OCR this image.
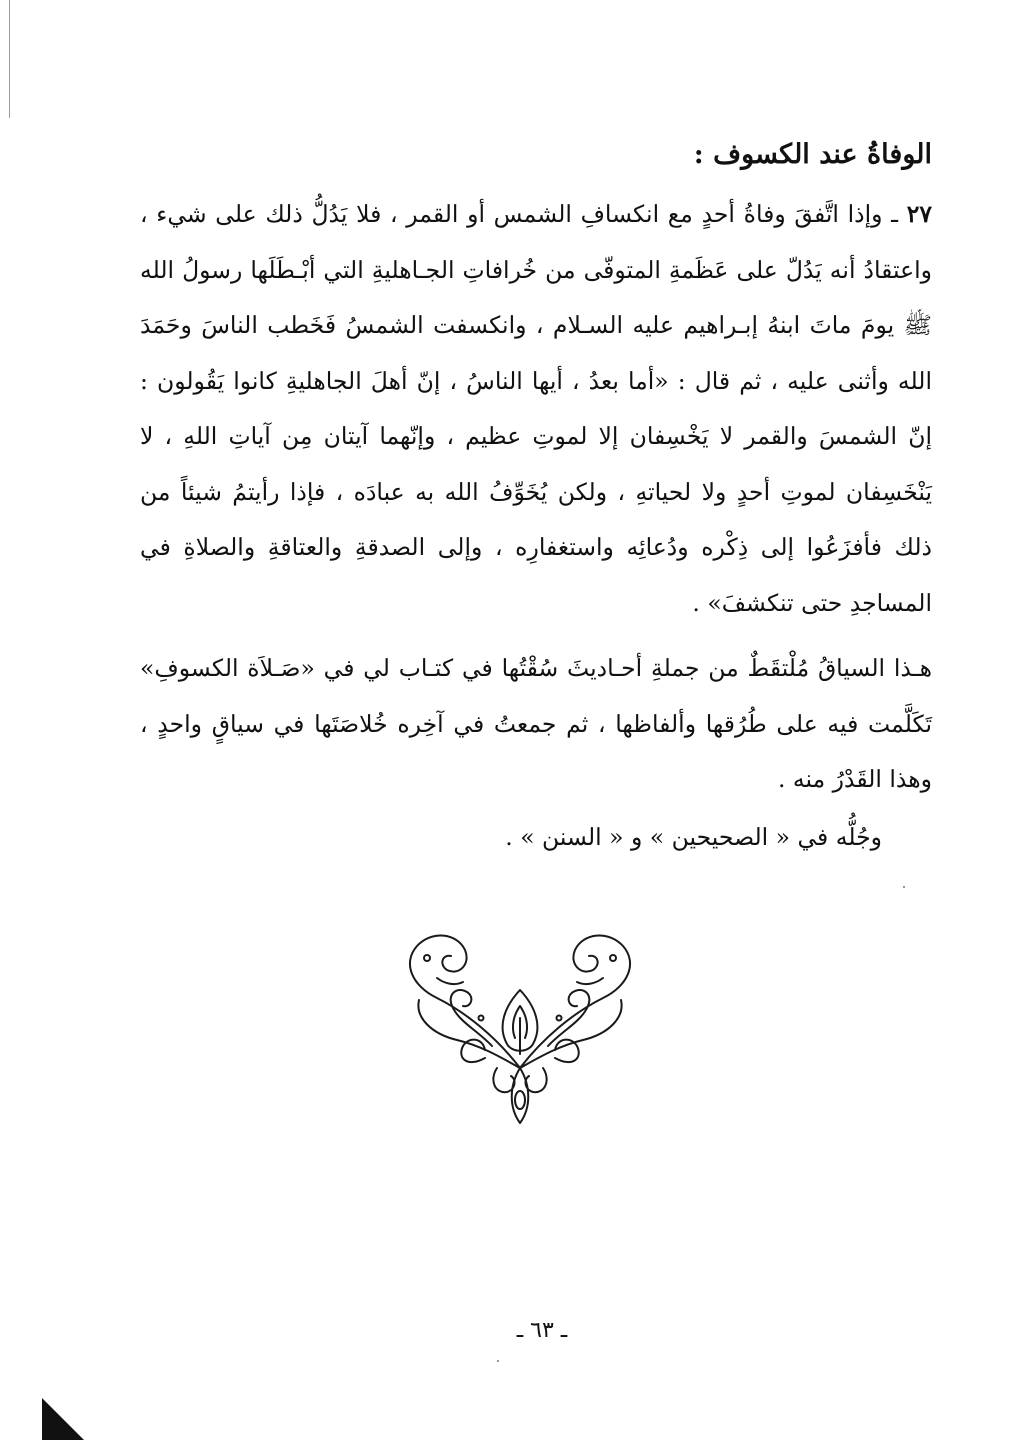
الوفاةُ عند الكسوف :

٢٧ ـ وإذا اتَّفقَ وفاةُ أحدٍ مع انكسافِ الشمس أو القمر ، فلا يَدُلُّ ذلك على شيء ، واعتقادُ أنه يَدُلّ على عَظَمةِ المتوفّى من خُرافاتِ الجـاهليةِ التي أبْـطَلَها رسولُ الله ﷺ يومَ ماتَ ابنهُ إبـراهيم عليه السـلام ، وانكسفت الشمسُ فَخَطب الناسَ وحَمَدَ الله وأثنى عليه ، ثم قال : «أما بعدُ ، أيها الناسُ ، إنّ أهلَ الجاهليةِ كانوا يَقُولون : إنّ الشمسَ والقمر لا يَخْسِفان إلا لموتِ عظيم ، وإنّهما آيتان مِن آياتِ اللهِ ، لا يَنْخَسِفان لموتِ أحدٍ ولا لحياتهِ ، ولكن يُخَوِّفُ الله به عبادَه ، فإذا رأيتمُ شيئاً من ذلك فأفزَعُوا إلى ذِكْره ودُعائِه واستغفارِه ، وإلى الصدقةِ والعتاقةِ والصلاةِ في المساجدِ حتى تنكشفَ» .

هـذا السياقُ مُلْتقَطٌ من جملةِ أحـاديثَ سُقْتُها في كتـاب لي في «صَـلاَة الكسوفِ» تَكَلَّمت فيه على طُرُقها وألفاظها ، ثم جمعتُ في آخِره خُلاصَتَها في سياقٍ واحدٍ ، وهذا القَدْرُ منه .

وجُلُّه في « الصحيحين » و « السنن » .

ـ ٦٣ ـ
